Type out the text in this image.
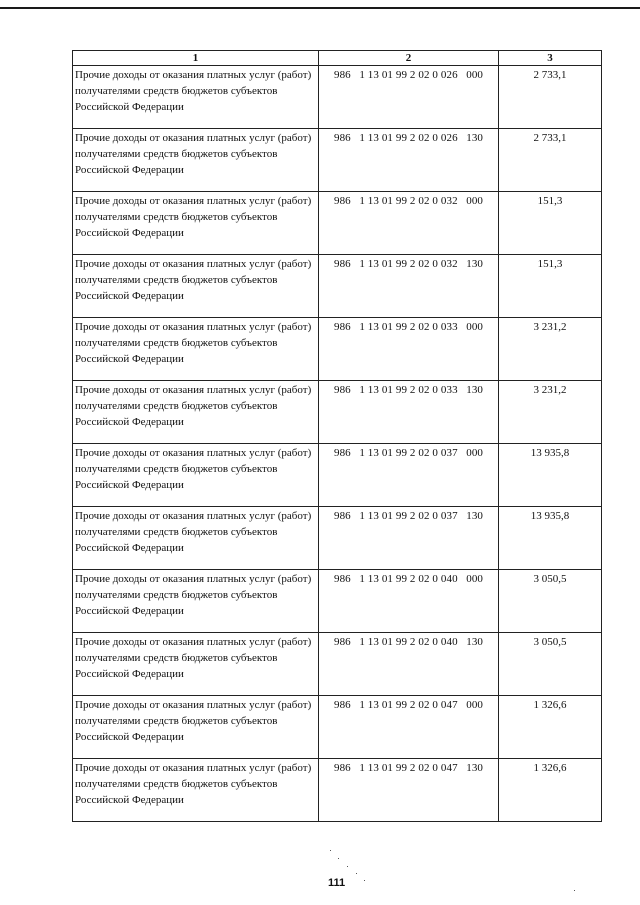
1	2	3
Прочие доходы от оказания платных услуг (работ) получателями средств бюджетов субъектов Российской Федерации	986   1 13 01 99 2 02 0 026   000	2 733,1
Прочие доходы от оказания платных услуг (работ) получателями средств бюджетов субъектов Российской Федерации	986   1 13 01 99 2 02 0 026   130	2 733,1
Прочие доходы от оказания платных услуг (работ) получателями средств бюджетов субъектов Российской Федерации	986   1 13 01 99 2 02 0 032   000	151,3
Прочие доходы от оказания платных услуг (работ) получателями средств бюджетов субъектов Российской Федерации	986   1 13 01 99 2 02 0 032   130	151,3
Прочие доходы от оказания платных услуг (работ) получателями средств бюджетов субъектов Российской Федерации	986   1 13 01 99 2 02 0 033   000	3 231,2
Прочие доходы от оказания платных услуг (работ) получателями средств бюджетов субъектов Российской Федерации	986   1 13 01 99 2 02 0 033   130	3 231,2
Прочие доходы от оказания платных услуг (работ) получателями средств бюджетов субъектов Российской Федерации	986   1 13 01 99 2 02 0 037   000	13 935,8
Прочие доходы от оказания платных услуг (работ) получателями средств бюджетов субъектов Российской Федерации	986   1 13 01 99 2 02 0 037   130	13 935,8
Прочие доходы от оказания платных услуг (работ) получателями средств бюджетов субъектов Российской Федерации	986   1 13 01 99 2 02 0 040   000	3 050,5
Прочие доходы от оказания платных услуг (работ) получателями средств бюджетов субъектов Российской Федерации	986   1 13 01 99 2 02 0 040   130	3 050,5
Прочие доходы от оказания платных услуг (работ) получателями средств бюджетов субъектов Российской Федерации	986   1 13 01 99 2 02 0 047   000	1 326,6
Прочие доходы от оказания платных услуг (работ) получателями средств бюджетов субъектов Российской Федерации	986   1 13 01 99 2 02 0 047   130	1 326,6
111
